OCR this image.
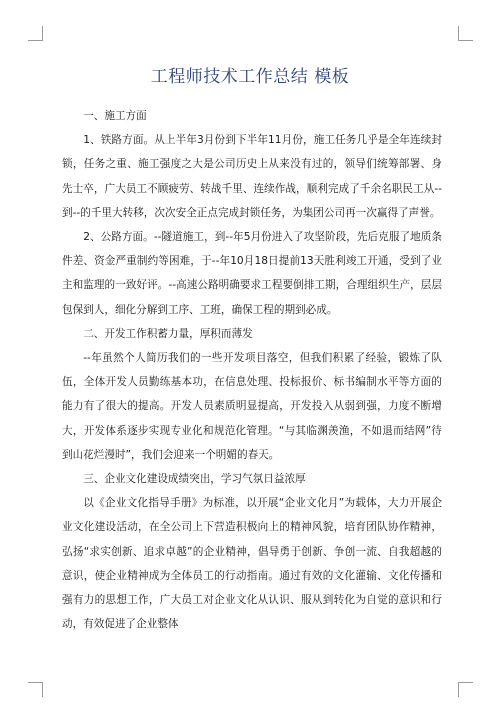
工程师技术工作总结 模板

一、施工方面

1、铁路方面。从上半年3月份到下半年11月份，施工任务几乎是全年连续封锁，任务之重、施工强度之大是公司历史上从来没有过的，领导们统筹部署、身先士卒，广大员工不顾疲劳、转战千里、连续作战，顺利完成了千余名职民工从--到--的千里大转移，次次安全正点完成封锁任务，为集团公司再一次赢得了声誉。

2、公路方面。--隧道施工，到--年5月份进入了攻坚阶段，先后克服了地质条件差、资金严重制约等困难，于--年10月18日提前13天胜利竣工开通，受到了业主和监理的一致好评。--高速公路明确要求工程要倒排工期，合理组织生产，层层包保到人，细化分解到工序、工班，确保工程的期到必成。

二、开发工作积蓄力量，厚积而薄发

--年虽然个人简历我们的一些开发项目落空，但我们积累了经验，锻炼了队伍，全体开发人员勤练基本功，在信息处理、投标报价、标书编制水平等方面的能力有了很大的提高。开发人员素质明显提高，开发投入从弱到强，力度不断增大，开发体系逐步实现专业化和规范化管理。“与其临渊羡渔，不如退而结网”待到山花烂漫时”，我们会迎来一个明媚的春天。

三、企业文化建设成绩突出，学习气氛日益浓厚

以《企业文化指导手册》为标准，以开展“企业文化月”为载体，大力开展企业文化建设活动，在全公司上下营造积极向上的精神风貌，培育团队协作精神，弘扬“求实创新、追求卓越”的企业精神，倡导勇于创新、争创一流、自我超越的意识，使企业精神成为全体员工的行动指南。通过有效的文化灌输、文化传播和强有力的思想工作，广大员工对企业文化从认识、服从到转化为自觉的意识和行动，有效促进了企业整体
